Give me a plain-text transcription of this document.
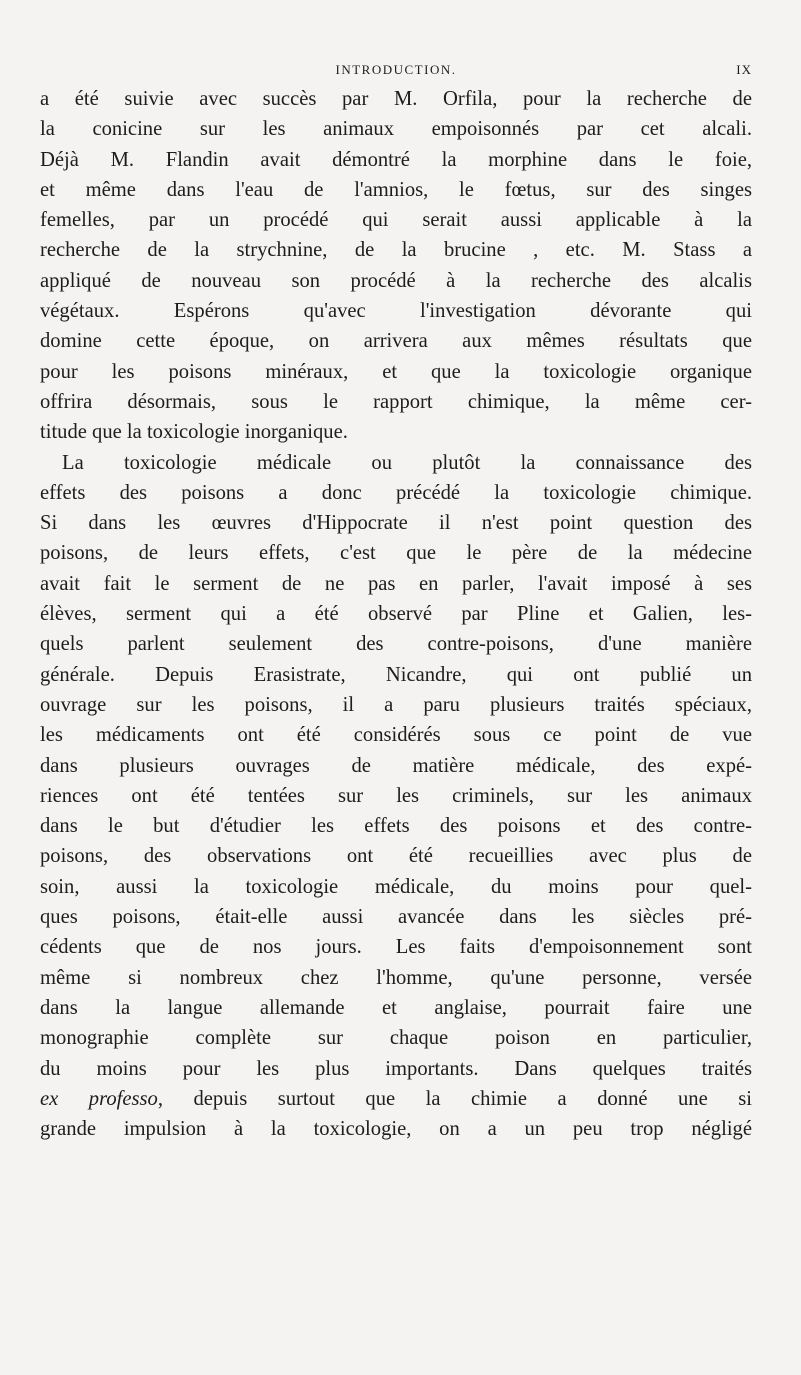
INTRODUCTION.	IX
a été suivie avec succès par M. Orfila, pour la recherche de
la conicine sur les animaux empoisonnés par cet alcali.
Déjà M. Flandin avait démontré la morphine dans le foie,
et même dans l'eau de l'amnios, le fœtus, sur des singes
femelles, par un procédé qui serait aussi applicable à la
recherche de la strychnine, de la brucine , etc. M. Stass a
appliqué de nouveau son procédé à la recherche des alcalis
végétaux. Espérons qu'avec l'investigation dévorante qui
domine cette époque, on arrivera aux mêmes résultats que
pour les poisons minéraux, et que la toxicologie organique
offrira désormais, sous le rapport chimique, la même cer-
titude que la toxicologie inorganique.
La toxicologie médicale ou plutôt la connaissance des
effets des poisons a donc précédé la toxicologie chimique.
Si dans les œuvres d'Hippocrate il n'est point question des
poisons, de leurs effets, c'est que le père de la médecine
avait fait le serment de ne pas en parler, l'avait imposé à ses
élèves, serment qui a été observé par Pline et Galien, les-
quels parlent seulement des contre-poisons, d'une manière
générale. Depuis Erasistrate, Nicandre, qui ont publié un
ouvrage sur les poisons, il a paru plusieurs traités spéciaux,
les médicaments ont été considérés sous ce point de vue
dans plusieurs ouvrages de matière médicale, des expé-
riences ont été tentées sur les criminels, sur les animaux
dans le but d'étudier les effets des poisons et des contre-
poisons, des observations ont été recueillies avec plus de
soin, aussi la toxicologie médicale, du moins pour quel-
ques poisons, était-elle aussi avancée dans les siècles pré-
cédents que de nos jours. Les faits d'empoisonnement sont
même si nombreux chez l'homme, qu'une personne, versée
dans la langue allemande et anglaise, pourrait faire une
monographie complète sur chaque poison en particulier,
du moins pour les plus importants. Dans quelques traités
ex professo, depuis surtout que la chimie a donné une si
grande impulsion à la toxicologie, on a un peu trop négligé
